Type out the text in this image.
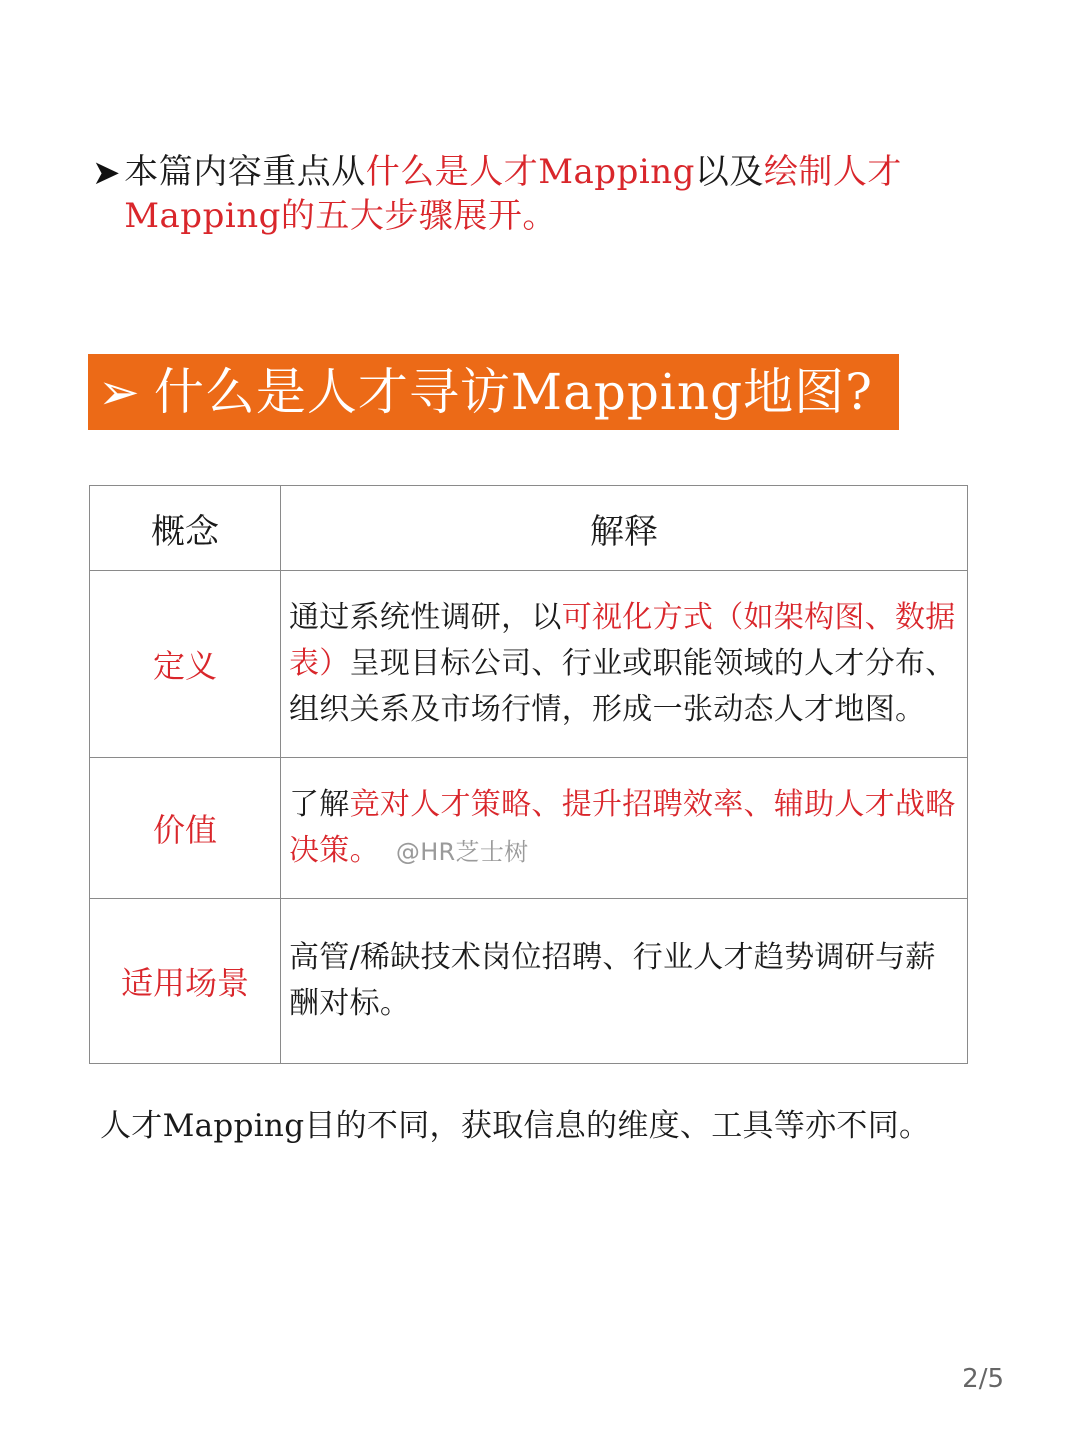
➤ 本篇内容重点从什么是人才Mapping以及绘制人才Mapping的五大步骤展开。
➢ 什么是人才寻访Mapping地图?
概念	解释
定义	通过系统性调研，以可视化方式（如架构图、数据表）呈现目标公司、行业或职能领域的人才分布、组织关系及市场行情，形成一张动态人才地图。
价值	了解竞对人才策略、提升招聘效率、辅助人才战略决策。 @HR芝士树
适用场景	高管/稀缺技术岗位招聘、行业人才趋势调研与薪酬对标。
人才Mapping目的不同，获取信息的维度、工具等亦不同。
2/5
